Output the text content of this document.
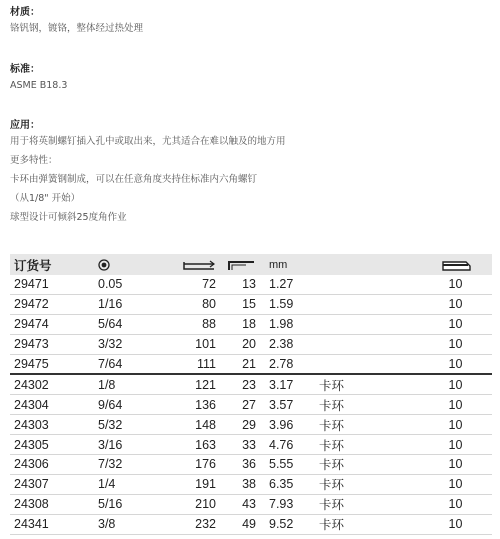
材质：
铬钒钢，镀铬，整体经过热处理
标准：
ASME B18.3
应用：
用于将英制螺钉插入孔中或取出来，尤其适合在难以触及的地方用
更多特性：
卡环由弹簧钢制成，可以在任意角度夹持住标准内六角螺钉
（从1/8" 开始）
球型设计可倾斜25度角作业
订货号				mm		
29471	0.05	72	13	1.27		10
29472	1/16	80	15	1.59		10
29474	5/64	88	18	1.98		10
29473	3/32	101	20	2.38		10
29475	7/64	111	21	2.78		10
24302	1/8	121	23	3.17	卡环	10
24304	9/64	136	27	3.57	卡环	10
24303	5/32	148	29	3.96	卡环	10
24305	3/16	163	33	4.76	卡环	10
24306	7/32	176	36	5.55	卡环	10
24307	1/4	191	38	6.35	卡环	10
24308	5/16	210	43	7.93	卡环	10
24341	3/8	232	49	9.52	卡环	10
